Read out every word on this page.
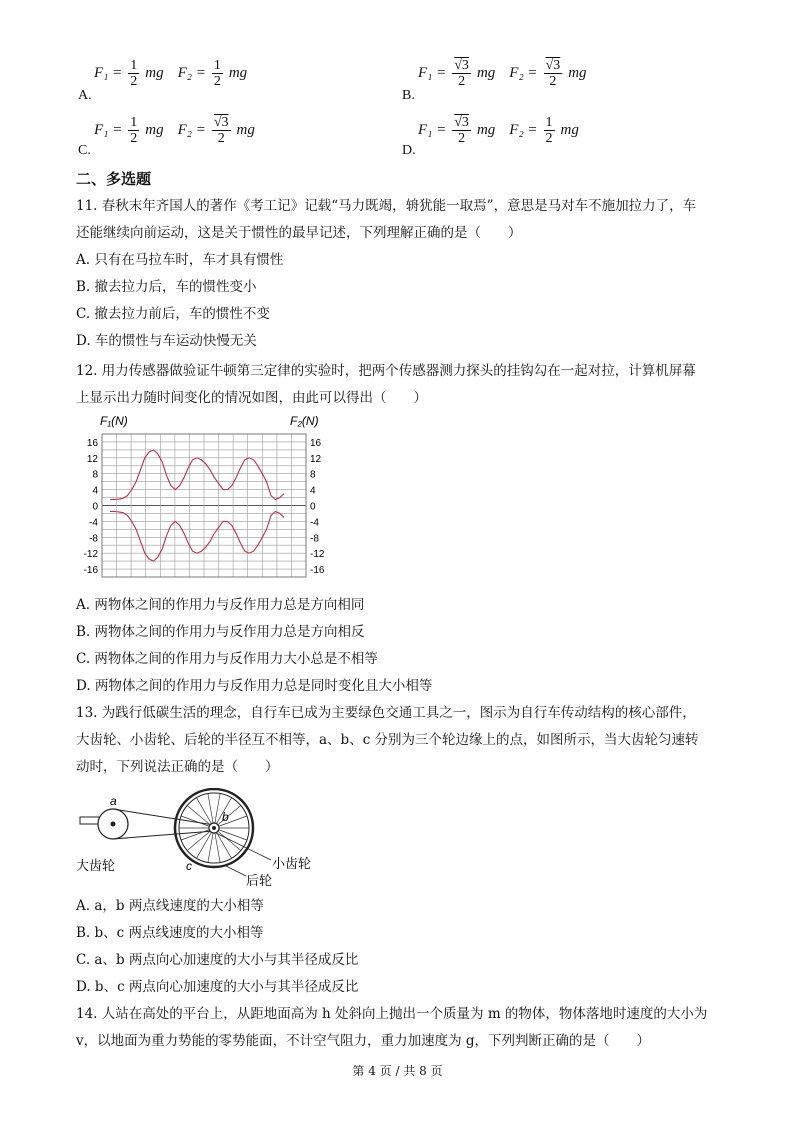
$F_1 = \frac{1}{2}$ mg $F_2 = \frac{1}{2}$ mg
A.
$F_1 = \frac{√3}{2}$ mg $F_2 = \frac{√3}{2}$ mg
B.
$F_1 = \frac{1}{2}$ mg $F_2 = \frac{√3}{2}$ mg
C.
$F_1 = \frac{√3}{2}$ mg $F_2 = \frac{1}{2}$ mg
D.
二、多选题
11. 春秋末年齐国人的著作《考工记》记载“马力既竭，辀犹能一取焉”，意思是马对车不施加拉力了，车
还能继续向前运动，这是关于惯性的最早记述，下列理解正确的是（　　）
A. 只有在马拉车时，车才具有惯性
B. 撤去拉力后，车的惯性变小
C. 撤去拉力前后，车的惯性不变
D. 车的惯性与车运动快慢无关
12. 用力传感器做验证牛顿第三定律的实验时，把两个传感器测力探头的挂钩勾在一起对拉，计算机屏幕
上显示出力随时间变化的情况如图，由此可以得出（　　）
F₁(N)	F₂(N)
16
12
8
4
0
-4
-8
-12
-16
16
12
8
4
0
-4
-8
-12
-16
A. 两物体之间的作用力与反作用力总是方向相同
B. 两物体之间的作用力与反作用力总是方向相反
C. 两物体之间的作用力与反作用力大小总是不相等
D. 两物体之间的作用力与反作用力总是同时变化且大小相等
13. 为践行低碳生活的理念，自行车已成为主要绿色交通工具之一，图示为自行车传动结构的核心部件，
大齿轮、小齿轮、后轮的半径互不相等，a、b、c 分别为三个轮边缘上的点，如图所示，当大齿轮匀速转
动时，下列说法正确的是（　　）
a
b
c
大齿轮	小齿轮
后轮
A. a，b 两点线速度的大小相等
B. b、c 两点线速度的大小相等
C. a、b 两点向心加速度的大小与其半径成反比
D. b、c 两点向心加速度的大小与其半径成反比
14. 人站在高处的平台上，从距地面高为 h 处斜向上抛出一个质量为 m 的物体，物体落地时速度的大小为
v，以地面为重力势能的零势能面，不计空气阻力，重力加速度为 g，下列判断正确的是（　　）
第 4 页 / 共 8 页
